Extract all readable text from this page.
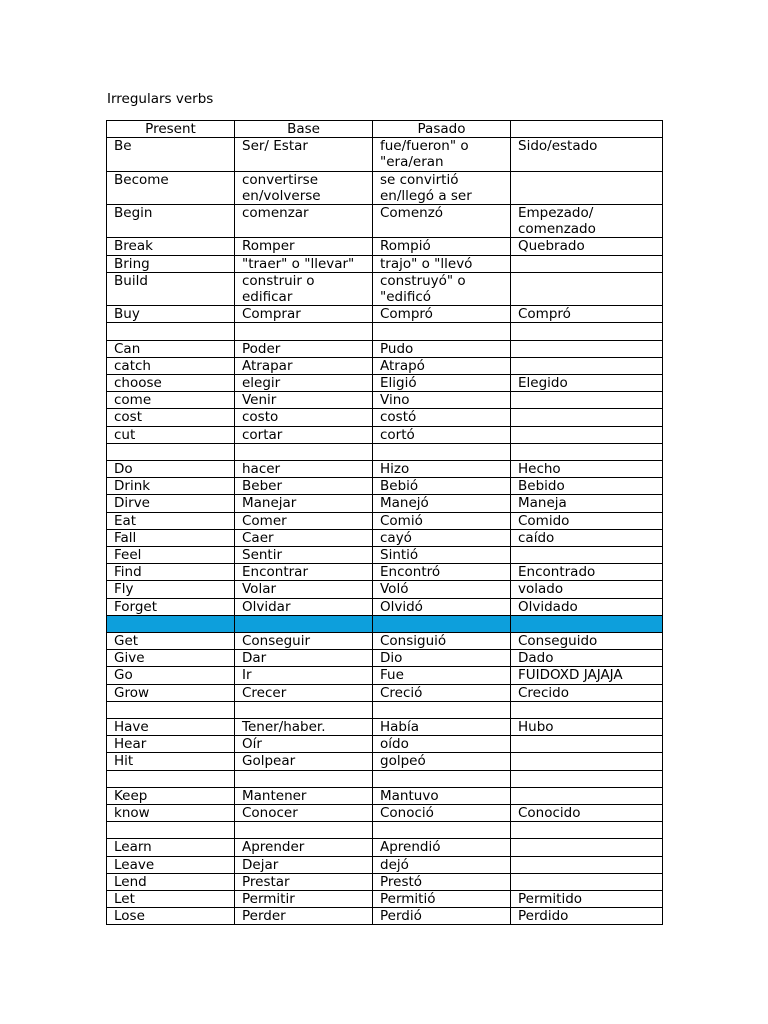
Irregulars verbs
Present	Base	Pasado	
Be	Ser/ Estar	fue/fueron" o "era/eran	Sido/estado
Become	convertirse en/volverse	se convirtió en/llegó a ser	
Begin	comenzar	Comenzó	Empezado/ comenzado
Break	Romper	Rompió	Quebrado
Bring	"traer" o "llevar"	trajo" o "llevó	
Build	construir o edificar	construyó" o "edificó	
Buy	Comprar	Compró	Compró

Can	Poder	Pudo	
catch	Atrapar	Atrapó	
choose	elegir	Eligió	Elegido
come	Venir	Vino	
cost	costo	costó	
cut	cortar	cortó	

Do	hacer	Hizo	Hecho
Drink	Beber	Bebió	Bebido
Dirve	Manejar	Manejó	Maneja
Eat	Comer	Comió	Comido
Fall	Caer	cayó	caído
Feel	Sentir	Sintió	
Find	Encontrar	Encontró	Encontrado
Fly	Volar	Voló	volado
Forget	Olvidar	Olvidó	Olvidado

Get	Conseguir	Consiguió	Conseguido
Give	Dar	Dio	Dado
Go	Ir	Fue	FUIDOXD JAJAJA
Grow	Crecer	Creció	Crecido

Have	Tener/haber.	Había	Hubo
Hear	Oír	oído	
Hit	Golpear	golpeó	

Keep	Mantener	Mantuvo	
know	Conocer	Conoció	Conocido

Learn	Aprender	Aprendió	
Leave	Dejar	dejó	
Lend	Prestar	Prestó	
Let	Permitir	Permitió	Permitido
Lose	Perder	Perdió	Perdido
